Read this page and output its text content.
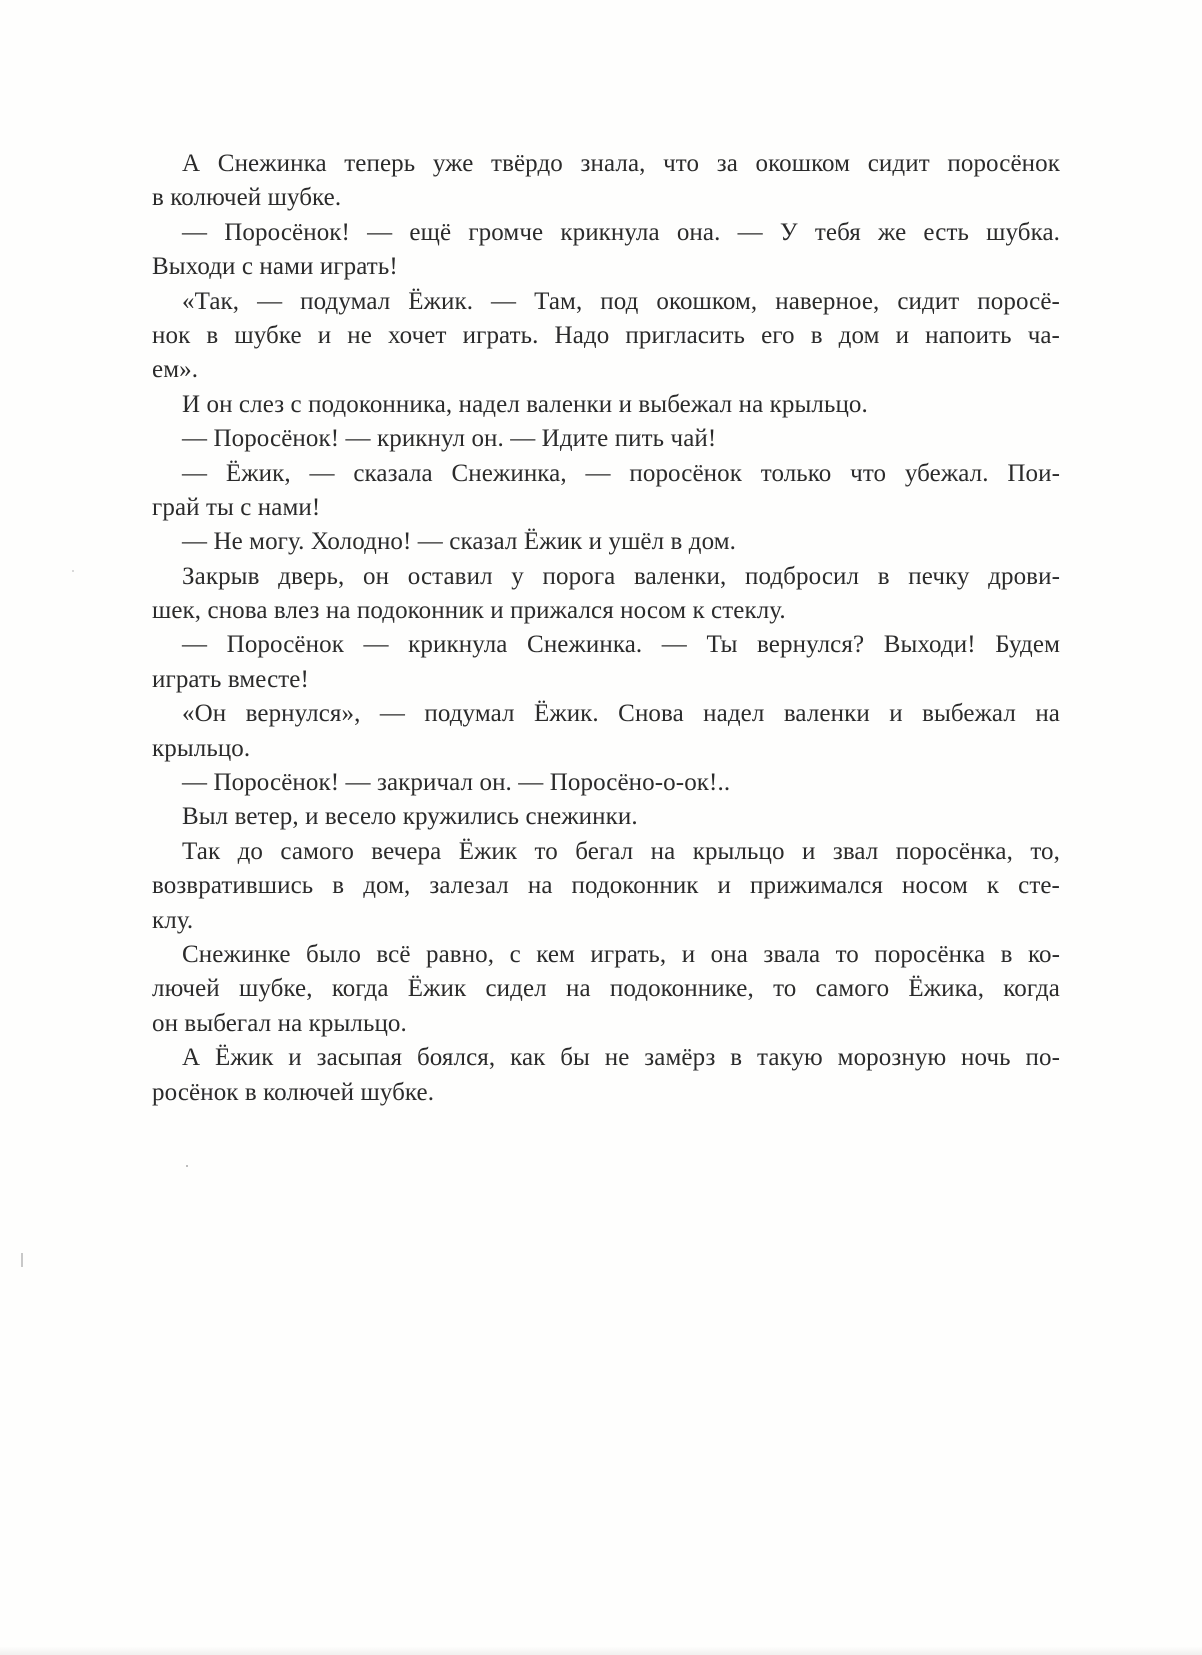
А Снежинка теперь уже твёрдо знала, что за окошком сидит поросёнок
в колючей шубке.
— Поросёнок! — ещё громче крикнула она. — У тебя же есть шубка.
Выходи с нами играть!
«Так, — подумал Ёжик. — Там, под окошком, наверное, сидит поросё-
нок в шубке и не хочет играть. Надо пригласить его в дом и напоить ча-
ем».
И он слез с подоконника, надел валенки и выбежал на крыльцо.
— Поросёнок! — крикнул он. — Идите пить чай!
— Ёжик, — сказала Снежинка, — поросёнок только что убежал. Пои-
грай ты с нами!
— Не могу. Холодно! — сказал Ёжик и ушёл в дом.
Закрыв дверь, он оставил у порога валенки, подбросил в печку дрови-
шек, снова влез на подоконник и прижался носом к стеклу.
— Поросёнок — крикнула Снежинка. — Ты вернулся? Выходи! Будем
играть вместе!
«Он вернулся», — подумал Ёжик. Снова надел валенки и выбежал на
крыльцо.
— Поросёнок! — закричал он. — Поросёно-о-ок!..
Выл ветер, и весело кружились снежинки.
Так до самого вечера Ёжик то бегал на крыльцо и звал поросёнка, то,
возвратившись в дом, залезал на подоконник и прижимался носом к сте-
клу.
Снежинке было всё равно, с кем играть, и она звала то поросёнка в ко-
лючей шубке, когда Ёжик сидел на подоконнике, то самого Ёжика, когда
он выбегал на крыльцо.
А Ёжик и засыпая боялся, как бы не замёрз в такую морозную ночь по-
росёнок в колючей шубке.
